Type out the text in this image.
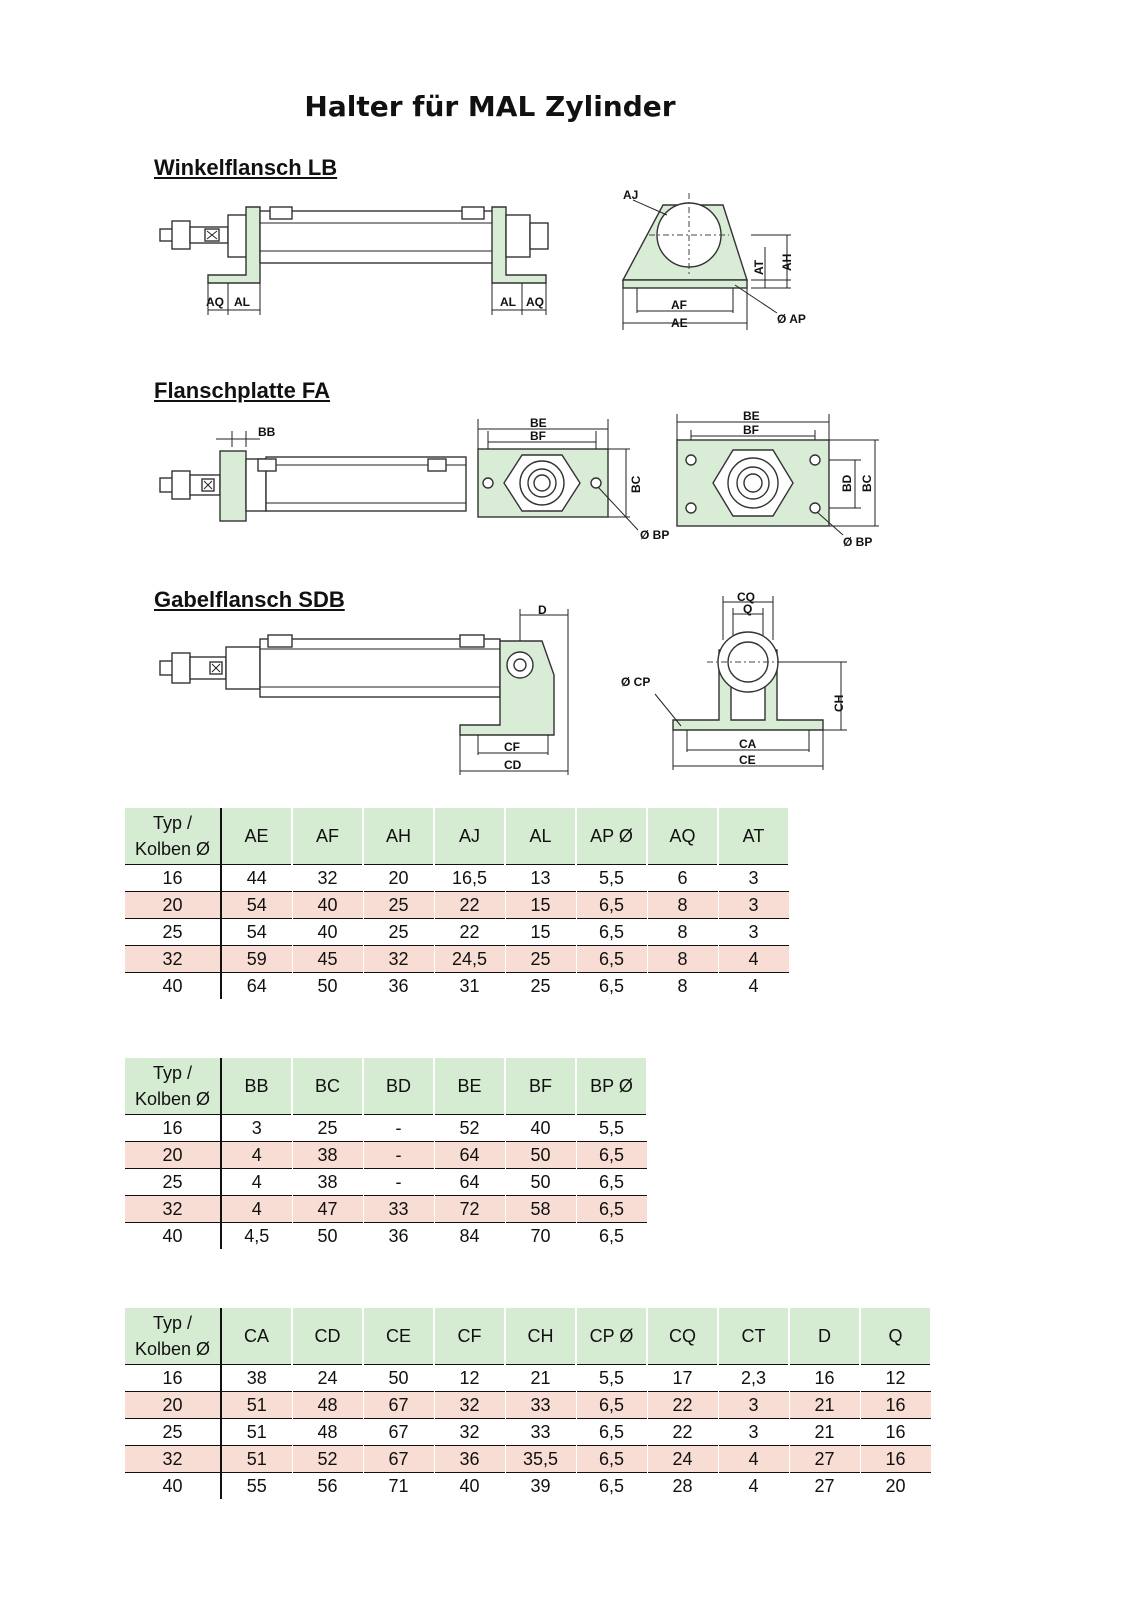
Halter für MAL Zylinder
Winkelflansch LB
AQ AL	AL AQ
AJ
AT AH
AF
AE	Ø AP
Flanschplatte FA
BB
BE
BF
BC
Ø BP
BE
BF
BD BC
Ø BP
Gabelflansch SDB	D
CF
CD
CQ
Q
CH
Ø CP
CA
CE
Typ /
Kolben Ø	AE	AF	AH	AJ	AL	AP Ø	AQ	AT
16	44	32	20	16,5	13	5,5	6	3
20	54	40	25	22	15	6,5	8	3
25	54	40	25	22	15	6,5	8	3
32	59	45	32	24,5	25	6,5	8	4
40	64	50	36	31	25	6,5	8	4
Typ /
Kolben Ø	BB	BC	BD	BE	BF	BP Ø
16	3	25	-	52	40	5,5
20	4	38	-	64	50	6,5
25	4	38	-	64	50	6,5
32	4	47	33	72	58	6,5
40	4,5	50	36	84	70	6,5
Typ /
Kolben Ø	CA	CD	CE	CF	CH	CP Ø	CQ	CT	D	Q
16	38	24	50	12	21	5,5	17	2,3	16	12
20	51	48	67	32	33	6,5	22	3	21	16
25	51	48	67	32	33	6,5	22	3	21	16
32	51	52	67	36	35,5	6,5	24	4	27	16
40	55	56	71	40	39	6,5	28	4	27	20
